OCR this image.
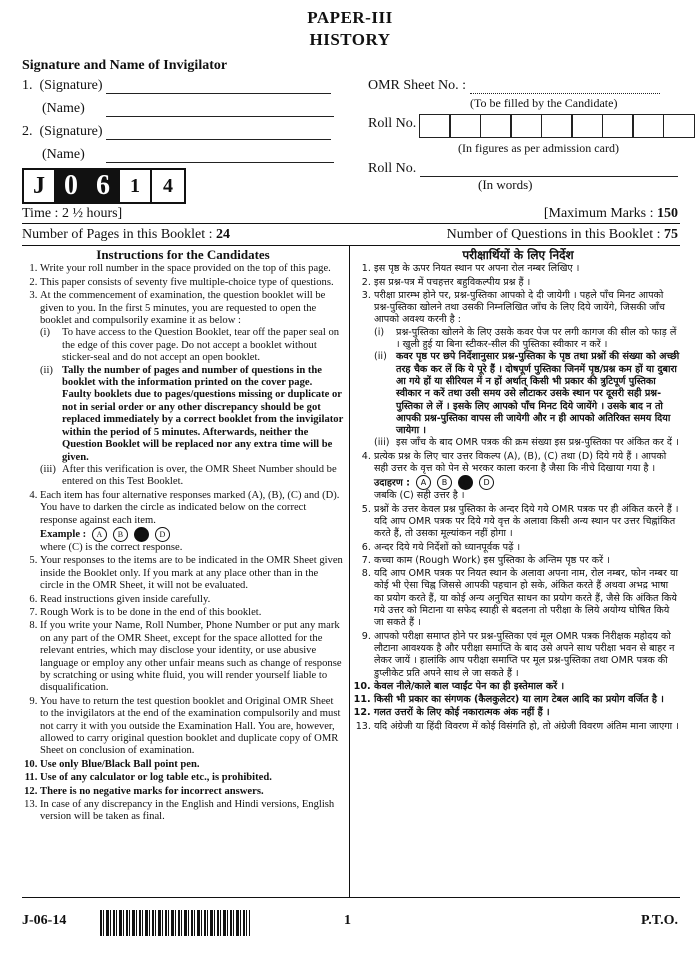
PAPER-III
HISTORY
Signature and Name of Invigilator
1. (Signature)
(Name)
2. (Signature)
(Name)
OMR Sheet No. :
(To be filled by the Candidate)
Roll No.
(In figures as per admission card)
Roll No.
(In words)
J 0 6	1	4
Time : 2 ½ hours]	[Maximum Marks : 150
Number of Pages in this Booklet : 24	Number of Questions in this Booklet : 75
Instructions for the Candidates
1. Write your roll number in the space provided on the top of this page.
2. This paper consists of seventy five multiple-choice type of questions.
3. At the commencement of examination, the question booklet will be given to you. In the first 5 minutes, you are requested to open the booklet and compulsorily examine it as below :
(i)	To have access to the Question Booklet, tear off the paper seal on the edge of this cover page. Do not accept a booklet without sticker-seal and do not accept an open booklet.
(ii) Tally the number of pages and number of questions in the booklet with the information printed on the cover page. Faulty booklets due to pages/questions missing or duplicate or not in serial order or any other discrepancy should be got replaced immediately by a correct booklet from the invigilator within the period of 5 minutes. Afterwards, neither the Question Booklet will be replaced nor any extra time will be given.
(iii) After this verification is over, the OMR Sheet Number should be entered on this Test Booklet.
4. Each item has four alternative responses marked (A), (B), (C) and (D). You have to darken the circle as indicated below on the correct response against each item.
Example : A B C D
where (C) is the correct response.
5. Your responses to the items are to be indicated in the OMR Sheet given inside the Booklet only. If you mark at any place other than in the circle in the OMR Sheet, it will not be evaluated.
6. Read instructions given inside carefully.
7. Rough Work is to be done in the end of this booklet.
8. If you write your Name, Roll Number, Phone Number or put any mark on any part of the OMR Sheet, except for the space allotted for the relevant entries, which may disclose your identity, or use abusive language or employ any other unfair means such as change of response by scratching or using white fluid, you will render yourself liable to disqualification.
9. You have to return the test question booklet and Original OMR Sheet to the invigilators at the end of the examination compulsorily and must not carry it with you outside the Examination Hall. You are, however, allowed to carry original question booklet and duplicate copy of OMR Sheet on conclusion of examination.
10. Use only Blue/Black Ball point pen.
11. Use of any calculator or log table etc., is prohibited.
12. There is no negative marks for incorrect answers.
13. In case of any discrepancy in the English and Hindi versions, English version will be taken as final.
परीक्षार्थियों के लिए निर्देश
1. इस पृष्ठ के ऊपर नियत स्थान पर अपना रोल नम्बर लिखिए ।
2. इस प्रश्न-पत्र में पचहत्तर बहुविकल्पीय प्रश्न हैं ।
3. परीक्षा प्रारम्भ होने पर, प्रश्न-पुस्तिका आपको दे दी जायेगी । पहले पाँच मिनट आपको प्रश्न-पुस्तिका खोलने तथा उसकी निम्नलिखित जाँच के लिए दिये जायेंगे, जिसकी जाँच आपको अवश्य करनी है :
(i)	प्रश्न-पुस्तिका खोलने के लिए उसके कवर पेज पर लगी कागज की सील को फाड़ लें । खुली हुई या बिना स्टीकर-सील की पुस्तिका स्वीकार न करें ।
(ii) कवर पृष्ठ पर छपे निर्देशानुसार प्रश्न-पुस्तिका के पृष्ठ तथा प्रश्नों की संख्या को अच्छी तरह चैक कर लें कि ये पूरे हैं । दोषपूर्ण पुस्तिका जिनमें पृष्ठ/प्रश्न कम हों या दुबारा आ गये हों या सीरियल में न हों अर्थात् किसी भी प्रकार की त्रुटिपूर्ण पुस्तिका स्वीकार न करें तथा उसी समय उसे लौटाकर उसके स्थान पर दूसरी सही प्रश्न-पुस्तिका ले लें । इसके लिए आपको पाँच मिनट दिये जायेंगे । उसके बाद न तो आपकी प्रश्न-पुस्तिका वापस ली जायेगी और न ही आपको अतिरिक्त समय दिया जायेगा ।
(iii) इस जाँच के बाद OMR पत्रक की क्रम संख्या इस प्रश्न-पुस्तिका पर अंकित कर दें ।
4. प्रत्येक प्रश्न के लिए चार उत्तर विकल्प (A), (B), (C) तथा (D) दिये गये हैं । आपको सही उत्तर के वृत्त को पेन से भरकर काला करना है जैसा कि नीचे दिखाया गया है ।
उदाहरण : A B C D
जबकि (C) सही उत्तर है ।
5. प्रश्नों के उत्तर केवल प्रश्न पुस्तिका के अन्दर दिये गये OMR पत्रक पर ही अंकित करने हैं । यदि आप OMR पत्रक पर दिये गये वृत्त के अलावा किसी अन्य स्थान पर उत्तर चिह्नांकित करते हैं, तो उसका मूल्यांकन नहीं होगा ।
6. अन्दर दिये गये निर्देशों को ध्यानपूर्वक पढ़ें ।
7. कच्चा काम (Rough Work) इस पुस्तिका के अन्तिम पृष्ठ पर करें ।
8. यदि आप OMR पत्रक पर नियत स्थान के अलावा अपना नाम, रोल नम्बर, फोन नम्बर या कोई भी ऐसा चिह्न जिससे आपकी पहचान हो सके, अंकित करते हैं अथवा अभद्र भाषा का प्रयोग करते हैं, या कोई अन्य अनुचित साधन का प्रयोग करते हैं, जैसे कि अंकित किये गये उत्तर को मिटाना या सफेद स्याही से बदलना तो परीक्षा के लिये अयोग्य घोषित किये जा सकते हैं ।
9. आपको परीक्षा समाप्त होने पर प्रश्न-पुस्तिका एवं मूल OMR पत्रक निरीक्षक महोदय को लौटाना आवश्यक है और परीक्षा समाप्ति के बाद उसे अपने साथ परीक्षा भवन से बाहर न लेकर जायें । हालांकि आप परीक्षा समाप्ति पर मूल प्रश्न-पुस्तिका तथा OMR पत्रक की डुप्लीकेट प्रति अपने साथ ले जा सकते हैं ।
10. केवल नीले/काले बाल प्वाईंट पेन का ही इस्तेमाल करें ।
11. किसी भी प्रकार का संगणक (कैलकुलेटर) या लाग टेबल आदि का प्रयोग वर्जित है ।
12. गलत उत्तरों के लिए कोई नकारात्मक अंक नहीं हैं ।
13. यदि अंग्रेजी या हिंदी विवरण में कोई विसंगति हो, तो अंग्रेजी विवरण अंतिम माना जाएगा ।
J-06-14	1	P.T.O.
